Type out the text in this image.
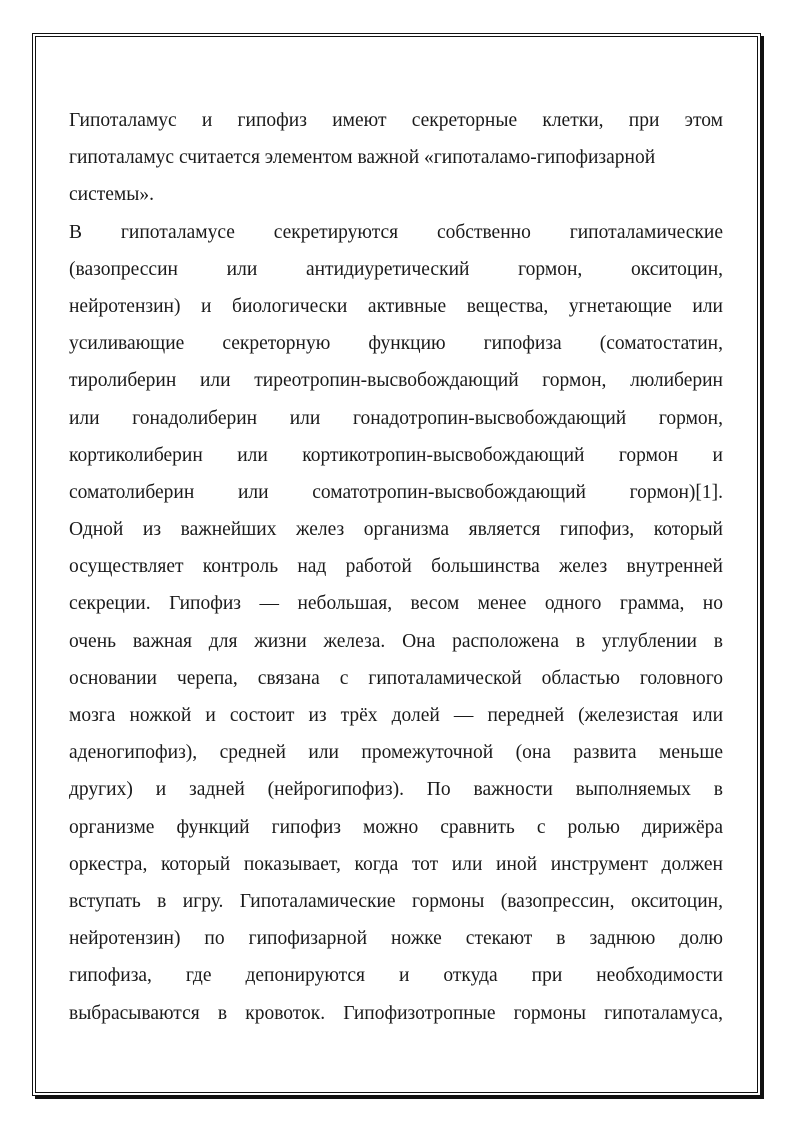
Гипоталамус и гипофиз имеют секреторные клетки, при этом
гипоталамус считается элементом важной «гипоталамо-гипофизарной
системы».
В гипоталамусе секретируются собственно гипоталамические
(вазопрессин или антидиуретический гормон, окситоцин,
нейротензин) и биологически активные вещества, угнетающие или
усиливающие секреторную функцию гипофиза (соматостатин,
тиролиберин или тиреотропин-высвобождающий гормон, люлиберин
или гонадолиберин или гонадотропин-высвобождающий гормон,
кортиколиберин или кортикотропин-высвобождающий гормон и
соматолиберин или соматотропин-высвобождающий гормон)[1].
Одной из важнейших желез организма является гипофиз, который
осуществляет контроль над работой большинства желез внутренней
секреции. Гипофиз — небольшая, весом менее одного грамма, но
очень важная для жизни железа. Она расположена в углублении в
основании черепа, связана с гипоталамической областью головного
мозга ножкой и состоит из трёх долей — передней (железистая или
аденогипофиз), средней или промежуточной (она развита меньше
других) и задней (нейрогипофиз). По важности выполняемых в
организме функций гипофиз можно сравнить с ролью дирижёра
оркестра, который показывает, когда тот или иной инструмент должен
вступать в игру. Гипоталамические гормоны (вазопрессин, окситоцин,
нейротензин) по гипофизарной ножке стекают в заднюю долю
гипофиза, где депонируются и откуда при необходимости
выбрасываются в кровоток. Гипофизотропные гормоны гипоталамуса,
